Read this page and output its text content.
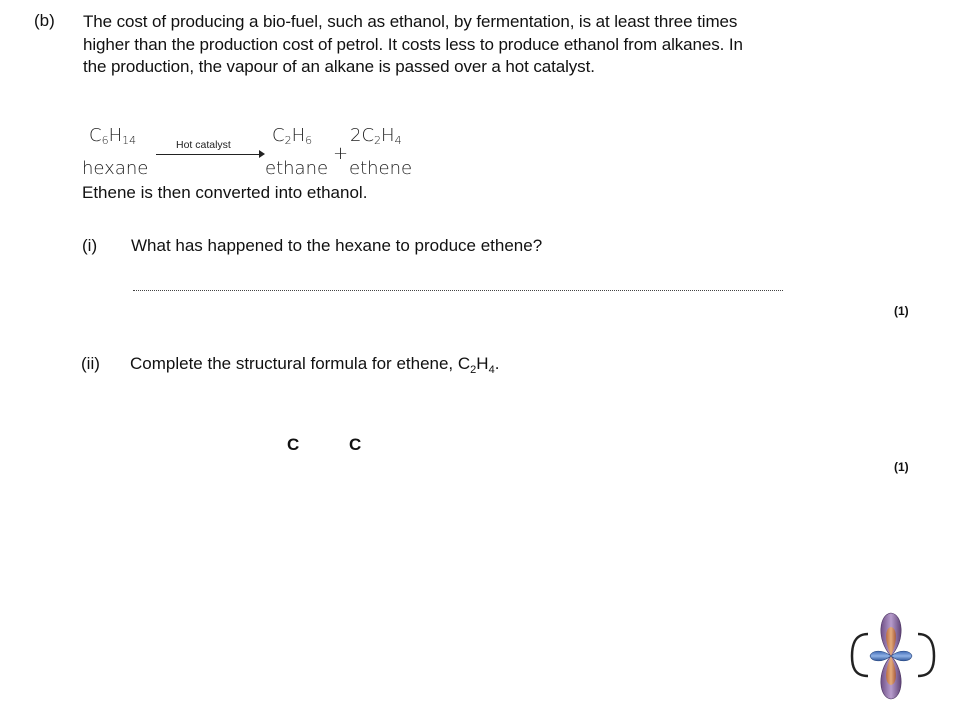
(b) The cost of producing a bio-fuel, such as ethanol, by fermentation, is at least three times
higher than the production cost of petrol. It costs less to produce ethanol from alkanes. In
the production, the vapour of an alkane is passed over a hot catalyst.
$C_6H_{14}$
hexane
Hot catalyst $C_2H_6$
ethane
+
$2C_2H_4$
ethene
Ethene is then converted into ethanol.
(i) What has happened to the hexane to produce ethene?
(1)
(ii) Complete the structural formula for ethene, $C_2H_4$.
C	C
(1)
